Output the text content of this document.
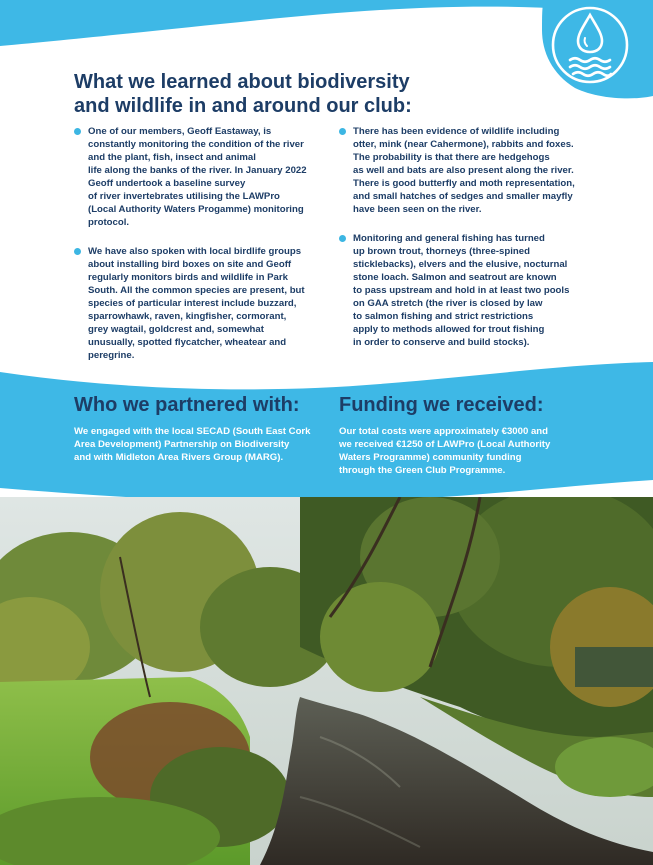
WATER
What we learned about biodiversity
and wildlife in and around our club:

One of our members, Geoff Eastaway, is
constantly monitoring the condition of the river
and the plant, fish, insect and animal
life along the banks of the river. In January 2022
Geoff undertook a baseline survey
of river invertebrates utilising the LAWPro
(Local Authority Waters Progamme) monitoring
protocol.

We have also spoken with local birdlife groups
about installing bird boxes on site and Geoff
regularly monitors birds and wildlife in Park
South. All the common species are present, but
species of particular interest include buzzard,
sparrowhawk, raven, kingfisher, cormorant,
grey wagtail, goldcrest and, somewhat
unusually, spotted flycatcher, wheatear and
peregrine.

There has been evidence of wildlife including
otter, mink (near Cahermone), rabbits and foxes.
The probability is that there are hedgehogs
as well and bats are also present along the river.
There is good butterfly and moth representation,
and small hatches of sedges and smaller mayfly
have been seen on the river.

Monitoring and general fishing has turned
up brown trout, thorneys (three-spined
sticklebacks), elvers and the elusive, nocturnal
stone loach. Salmon and seatrout are known
to pass upstream and hold in at least two pools
on GAA stretch (the river is closed by law
to salmon fishing and strict restrictions
apply to methods allowed for trout fishing
in order to conserve and build stocks).

Who we partnered with:

We engaged with the local SECAD (South East Cork
Area Development) Partnership on Biodiversity
and with Midleton Area Rivers Group (MARG).

Funding we received:

Our total costs were approximately €3000 and
we received €1250 of LAWPro (Local Authority
Waters Programme) community funding
through the Green Club Programme.
